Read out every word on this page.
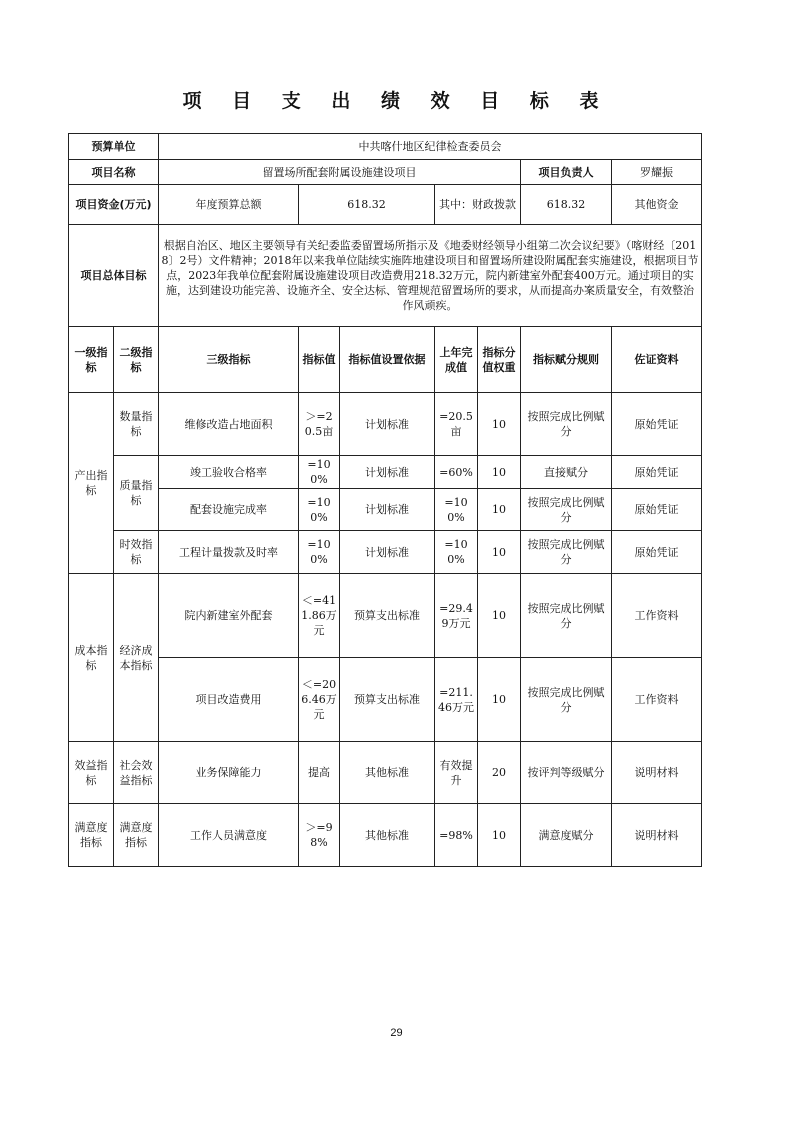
项 目 支 出 绩 效 目 标 表
预算单位		中共喀什地区纪律检查委员会						
项目名称		留置场所配套附属设施建设项目					项目负责人	罗耀振
项目资金(万元)		年度预算总额	618.32		其中：财政拨款		618.32	其他资金
项目总体目标		根据自治区、地区主要领导有关纪委监委留置场所指示及《地委财经领导小组第二次会议纪要》（喀财经〔2018〕2号）文件精神；2018年以来我单位陆续实施阵地建设项目和留置场所建设附属配套实施建设，根据项目节点，2023年我单位配套附属设施建设项目改造费用218.32万元，院内新建室外配套400万元。通过项目的实施，达到建设功能完善、设施齐全、安全达标、管理规范留置场所的要求，从而提高办案质量安全，有效整治作风顽疾。						
一级指标	二级指标	三级指标	指标值	指标值设置依据	上年完成值	指标分值权重	指标赋分规则	佐证资料
产出指标	数量指标	维修改造占地面积	＞=20.5亩	计划标准	=20.5亩	10	按照完成比例赋分	原始凭证
	质量指标	竣工验收合格率	=100%	计划标准	=60%	10	直接赋分	原始凭证
		配套设施完成率	=100%	计划标准	=100%	10	按照完成比例赋分	原始凭证
	时效指标	工程计量拨款及时率	=100%	计划标准	=100%	10	按照完成比例赋分	原始凭证
成本指标	经济成本指标	院内新建室外配套	＜=411.86万元	预算支出标准	=29.49万元	10	按照完成比例赋分	工作资料
		项目改造费用	＜=206.46万元	预算支出标准	=211.46万元	10	按照完成比例赋分	工作资料
效益指标	社会效益指标	业务保障能力	提高	其他标准	有效提升	20	按评判等级赋分	说明材料
满意度指标	满意度指标	工作人员满意度	＞=98%	其他标准	=98%	10	满意度赋分	说明材料
29
